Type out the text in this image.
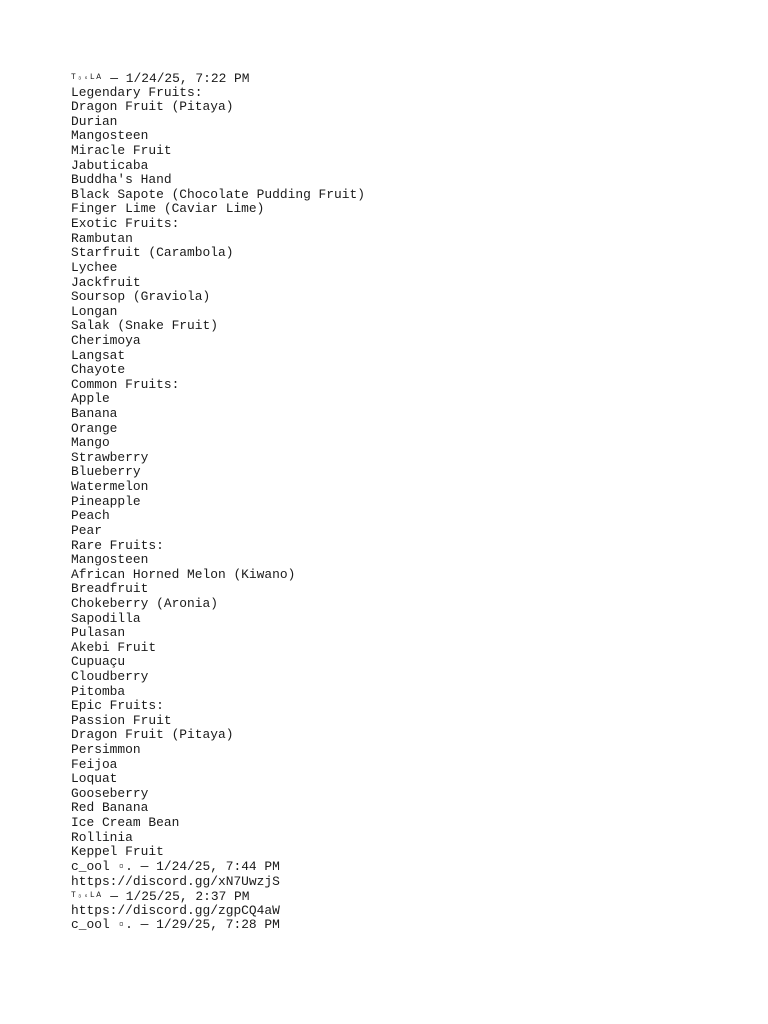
$^{T_{3s}LA}$ — 1/24/25, 7:22 PM
Legendary Fruits:
Dragon Fruit (Pitaya)
Durian
Mangosteen
Miracle Fruit
Jabuticaba
Buddha's Hand
Black Sapote (Chocolate Pudding Fruit)
Finger Lime (Caviar Lime)
Exotic Fruits:
Rambutan
Starfruit (Carambola)
Lychee
Jackfruit
Soursop (Graviola)
Longan
Salak (Snake Fruit)
Cherimoya
Langsat
Chayote
Common Fruits:
Apple
Banana
Orange
Mango
Strawberry
Blueberry
Watermelon
Pineapple
Peach
Pear
Rare Fruits:
Mangosteen
African Horned Melon (Kiwano)
Breadfruit
Chokeberry (Aronia)
Sapodilla
Pulasan
Akebi Fruit
Cupuaçu
Cloudberry
Pitomba
Epic Fruits:
Passion Fruit
Dragon Fruit (Pitaya)
Persimmon
Feijoa
Loquat
Gooseberry
Red Banana
Ice Cream Bean
Rollinia
Keppel Fruit
c_ool ▫. — 1/24/25, 7:44 PM
https://discord.gg/xN7UwzjS
$^{T_{3s}LA}$ — 1/25/25, 2:37 PM
https://discord.gg/zgpCQ4aW
c_ool ▫. — 1/29/25, 7:28 PM
